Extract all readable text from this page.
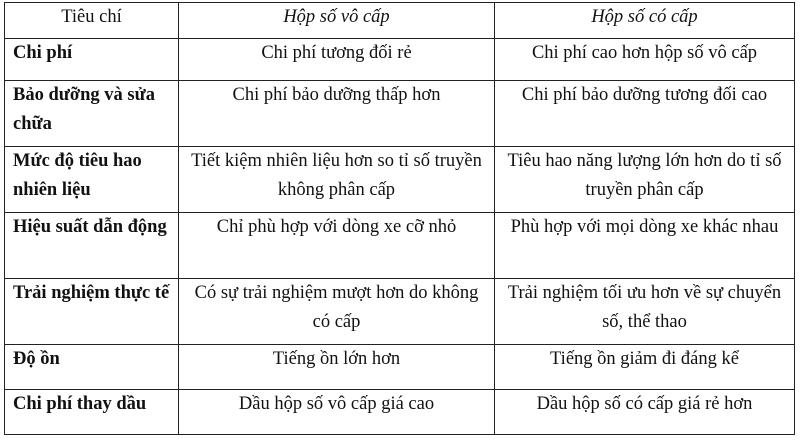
Tiêu chí	Hộp số vô cấp	Hộp số có cấp
Chi phí	Chi phí tương đối rẻ	Chi phí cao hơn hộp số vô cấp
Bảo dưỡng và sửa chữa	Chi phí bảo dưỡng thấp hơn	Chi phí bảo dưỡng tương đối cao
Mức độ tiêu hao nhiên liệu	Tiết kiệm nhiên liệu hơn so tỉ số truyền không phân cấp	Tiêu hao năng lượng lớn hơn do tỉ số truyền phân cấp
Hiệu suất dẫn động	Chỉ phù hợp với dòng xe cỡ nhỏ	Phù hợp với mọi dòng xe khác nhau
Trải nghiệm thực tế	Có sự trải nghiệm mượt hơn do không có cấp	Trải nghiệm tối ưu hơn về sự chuyển số, thể thao
Độ ồn	Tiếng ồn lớn hơn	Tiếng ồn giảm đi đáng kể
Chi phí thay dầu	Dầu hộp số vô cấp giá cao	Dầu hộp số có cấp giá rẻ hơn
